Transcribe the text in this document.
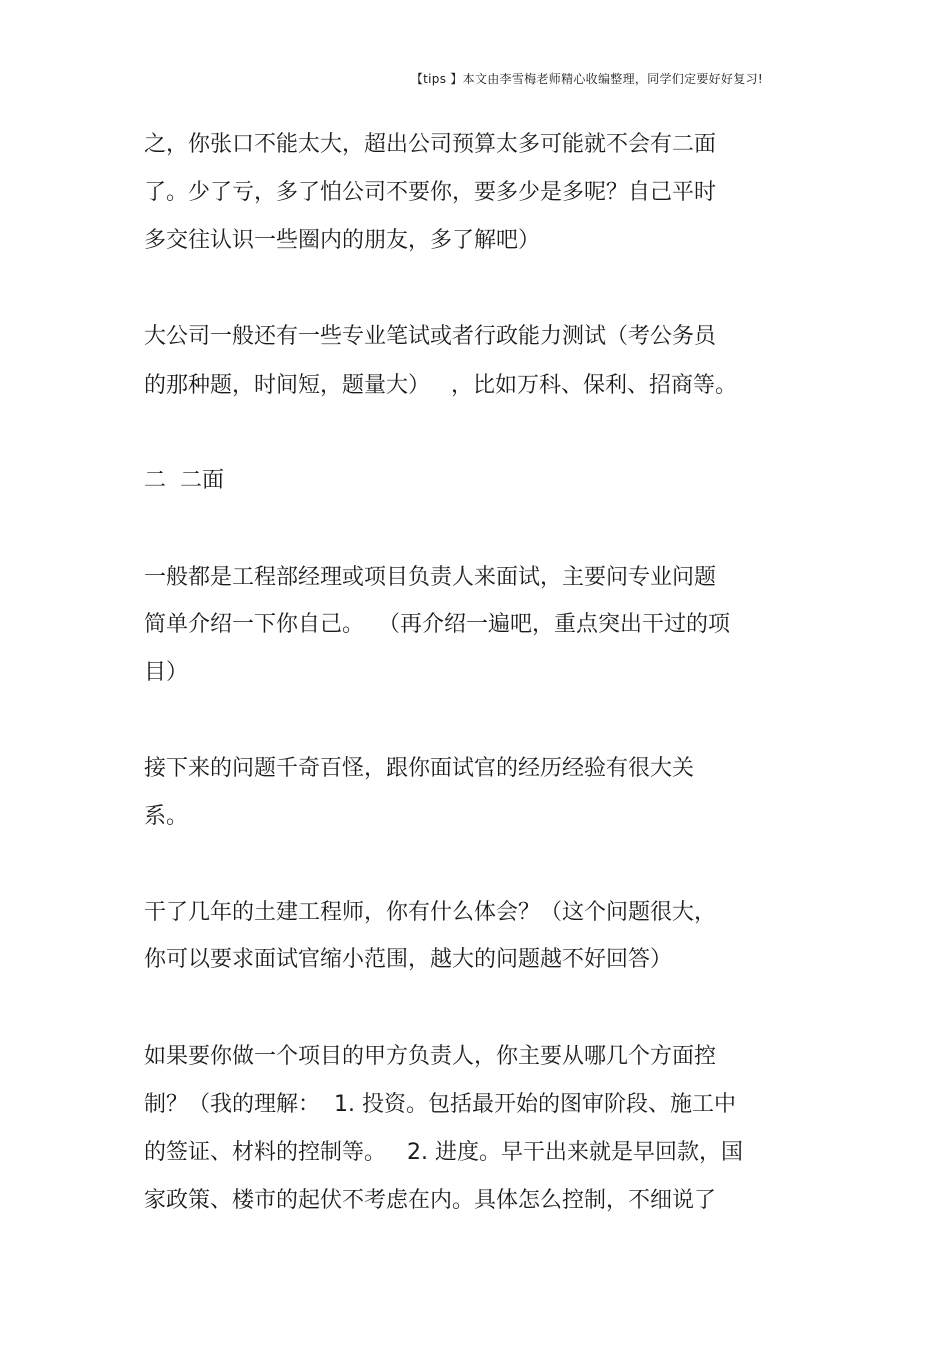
【tips 】本文由李雪梅老师精心收编整理，同学们定要好好复习!
之，你张口不能太大，超出公司预算太多可能就不会有二面
了。少了亏，多了怕公司不要你，要多少是多呢？自己平时
多交往认识一些圈内的朋友，多了解吧）
大公司一般还有一些专业笔试或者行政能力测试（考公务员
的那种题，时间短，题量大）   ，比如万科、保利、招商等。
二  二面
一般都是工程部经理或项目负责人来面试，主要问专业问题
简单介绍一下你自己。  （再介绍一遍吧，重点突出干过的项
目）
接下来的问题千奇百怪，跟你面试官的经历经验有很大关
系。
干了几年的土建工程师，你有什么体会？（这个问题很大，
你可以要求面试官缩小范围，越大的问题越不好回答）
如果要你做一个项目的甲方负责人，你主要从哪几个方面控
制？（我的理解：  1. 投资。包括最开始的图审阶段、施工中
的签证、材料的控制等。   2. 进度。早干出来就是早回款，国
家政策、楼市的起伏不考虑在内。具体怎么控制，不细说了
